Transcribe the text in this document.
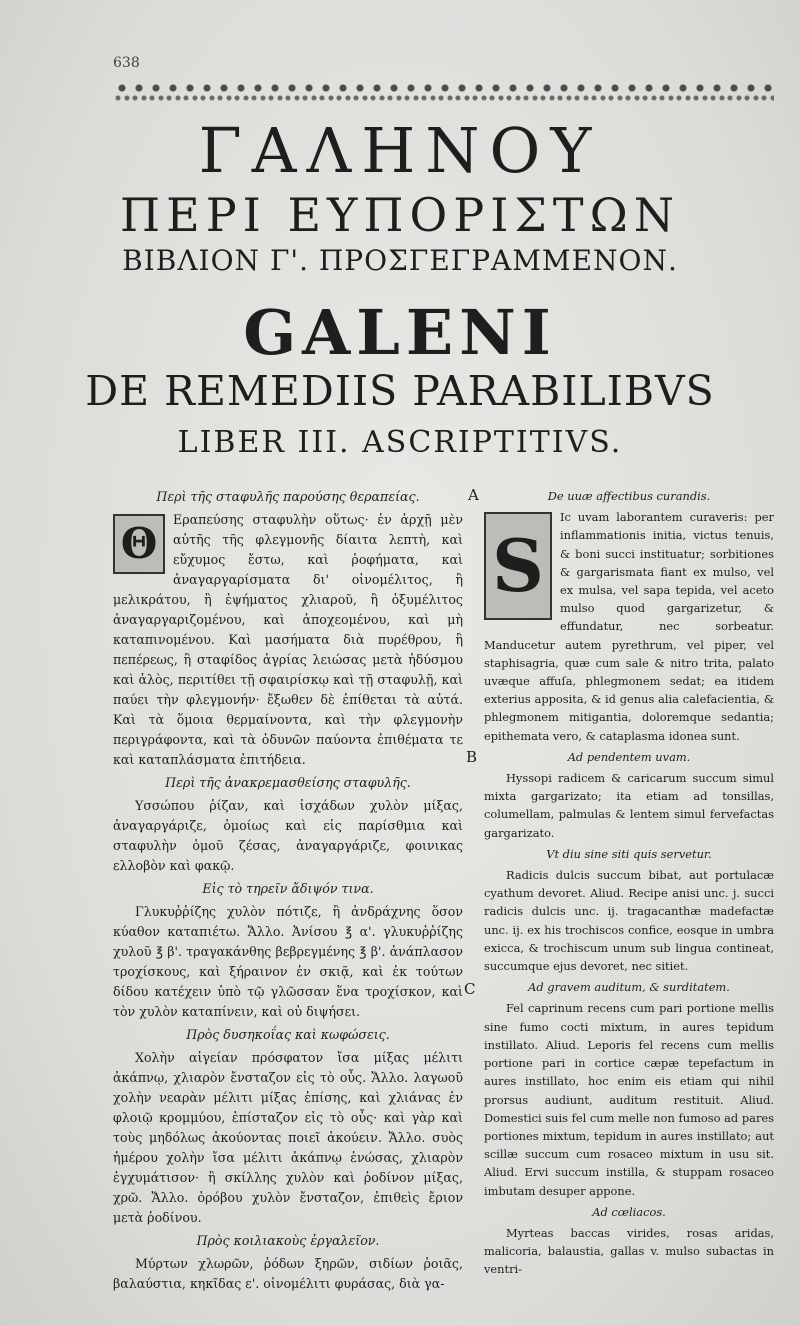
638
ΓΑΛΗΝΟΥ
ΠΕΡΙ ΕΥΠΟΡΙΣΤΩΝ
ΒΙΒΛΙΟΝ Γ'. ΠΡΟΣΓΕΓΡΑΜΜΕΝΟΝ.
GALENI
DE REMEDIIS PARABILIBVS
LIBER III. ASCRIPTITIVS.
A
B
C
Περὶ τῆς σταφυλῆς παρούσης θεραπείας.
Θ	Εραπεύσης σταφυλὴν οὕτως· ἐν ἀρχῇ μὲν αὐτῆς τῆς φλεγμονῆς δίαιτα λεπτὴ, καὶ εὔχυμος ἔστω, καὶ ῥοφήματα, καὶ ἀναγαργαρίσματα δι' οἰνομέλιτος, ἢ μελικράτου, ἢ ἑψήματος χλιαροῦ, ἢ ὀξυμέλιτος ἀναγαργαριζομένου, καὶ ἀποχεομένου, καὶ μὴ καταπινομένου. Καὶ μασήματα διὰ πυρέθρου, ἢ πεπέρεως, ἢ σταφίδος ἀγρίας λειώσας μετὰ ἡδύσμου καὶ ἁλὸς, περιτίθει τῇ σφαιρίσκῳ καὶ τῇ σταφυλῇ, καὶ παύει τὴν φλεγμονήν· ἔξωθεν δὲ ἐπίθεται τὰ αὐτά. Καὶ τὰ ὅμοια θερμαίνοντα, καὶ τὴν φλεγμονὴν περιγράφοντα, καὶ τὰ ὀδυνῶν παύοντα ἐπιθέματα τε καὶ καταπλάσματα ἐπιτήδεια.
Περὶ τῆς ἀνακρεμασθείσης σταφυλῆς.
Υσσώπου ῥίζαν, καὶ ἰσχάδων χυλὸν μίξας, ἀναγαργάριζε, ὁμοίως καὶ εἰς παρίσθμια καὶ σταφυλὴν ὁμοῦ ζέσας, ἀναγαργάριζε, φοινικας ελλοβὸν καὶ φακῷ.
Εἰς τὸ τηρεῖν ἄδιψόν τινα.
Γλυκυῤῥίζης χυλὸν πότιζε, ἢ ἀνδράχνης ὅσον κύαθον καταπιέτω. Ἄλλο. Ἀνίσου ℥ α'. γλυκυῤῥίζης χυλοῦ ℥ β'. τραγακάνθης βεβρεγμένης ℥ β'. ἀνάπλασον τροχίσκους, καὶ ξήραινον ἐν σκιᾷ, καὶ ἐκ τούτων δίδου κατέχειν ὑπὸ τῷ γλῶσσαν ἕνα τροχίσκον, καὶ τὸν χυλὸν καταπίνειν, καὶ οὐ διψήσει.
Πρὸς δυσηκοΐας καὶ κωφώσεις.
Χολὴν αἰγείαν πρόσφατον ἴσα μίξας μέλιτι ἀκάπνῳ, χλιαρὸν ἔνσταζον εἰς τὸ οὖς. Ἄλλο. λαγωοῦ χολὴν νεαρὰν μέλιτι μίξας ἐπίσης, καὶ χλιάνας ἐν φλοιῷ κρομμύου, ἐπίσταζον εἰς τὸ οὖς· καὶ γὰρ καὶ τοὺς μηδόλως ἀκούοντας ποιεῖ ἀκούειν. Ἄλλο. συὸς ἡμέρου χολὴν ἴσα μέλιτι ἀκάπνῳ ἑνώσας, χλιαρὸν ἐγχυμάτισον· ἢ σκίλλης χυλὸν καὶ ῥοδίνον μίξας, χρῶ. Ἄλλο. ὀρόβου χυλὸν ἔνσταζον, ἐπιθεὶς ἔριον μετὰ ῥοδίνου.
Πρὸς κοιλιακοὺς ἐργαλεῖον.
Μύρτων χλωρῶν, ῥόδων ξηρῶν, σιδίων ῥοιᾶς, βαλαύστια, κηκῖδας ε'. οἰνομέλιτι φυράσας, διὰ γα-
De uuæ affectibus curandis.
S
Ic uvam laborantem curaveris: per inflammationis initia, victus tenuis, & boni succi instituatur; sorbitiones & gargarismata fiant ex mulso, vel ex mulsa, vel sapa tepida, vel aceto mulso quod gargarizetur, & effundatur, nec sorbeatur. Manducetur autem pyrethrum, vel piper, vel staphisagria, quæ cum sale & nitro trita, palato uvæque affuſa, phlegmonem sedat; ea itidem exterius apposita, & id genus alia calefacientia, & phlegmonem mitigantia, doloremque sedantia; epithemata vero, & cataplasma idonea sunt.
Ad pendentem uvam.
Hyssopi radicem & caricarum succum simul mixta gargarizato; ita etiam ad tonsillas, columellam, palmulas & lentem simul fervefactas gargarizato.
Vt diu sine siti quis servetur.
Radicis dulcis succum bibat, aut portulacæ cyathum devoret. Aliud. Recipe anisi unc. j. succi radicis dulcis unc. ij. tragacanthæ madefactæ unc. ij. ex his trochiscos confice, eosque in umbra exicca, & trochiscum unum sub lingua contineat, succumque ejus devoret, nec sitiet.
Ad gravem auditum, & surditatem.
Fel caprinum recens cum pari portione mellis sine fumo cocti mixtum, in aures tepidum instillato. Aliud. Leporis fel recens cum mellis portione pari in cortice cæpæ tepefactum in aures instillato, hoc enim eis etiam qui nihil prorsus audiunt, auditum restituit. Aliud. Domestici suis fel cum melle non fumoso ad pares portiones mixtum, tepidum in aures instillato; aut scillæ succum cum rosaceo mixtum in usu sit. Aliud. Ervi succum instilla, & stuppam rosaceo imbutam desuper appone.
Ad cœliacos.
Myrteas baccas virides, rosas aridas, malicoria, balaustia, gallas v. mulso subactas in ventri-
